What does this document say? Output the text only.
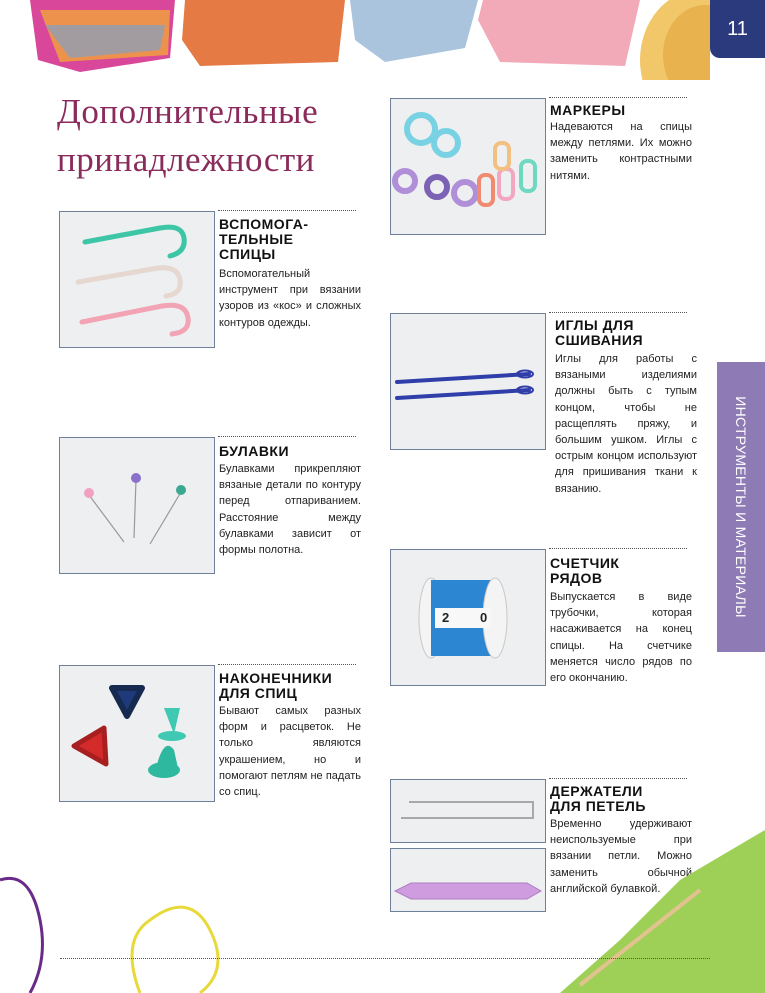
11
Дополнительные
принадлежности
ИНСТРУМЕНТЫ И МАТЕРИАЛЫ
ВСПОМОГА-
ТЕЛЬНЫЕ
СПИЦЫ
Вспомогательный инструмент при вязании узоров из «кос» и сложных контуров одежды.
БУЛАВКИ
Булавками прикрепляют вязаные детали по контуру перед отпариванием. Расстояние между булавками зависит от формы полотна.
НАКОНЕЧНИКИ
ДЛЯ СПИЦ
Бывают самых разных форм и расцветок. Не только являются украшением, но и помогают петлям не падать со спиц.
МАРКЕРЫ
Надеваются на спицы между петлями. Их можно заменить контрастными нитями.
ИГЛЫ ДЛЯ
СШИВАНИЯ
Иглы для работы с вязаными изделиями должны быть с тупым концом, чтобы не расщеплять пряжу, и большим ушком. Иглы с острым концом используют для пришивания ткани к вязанию.
2 0
СЧЕТЧИК
РЯДОВ
Выпускается в виде трубочки, которая насаживается на конец спицы. На счетчике меняется число рядов по его окончанию.
ДЕРЖАТЕЛИ
ДЛЯ ПЕТЕЛЬ
Временно удерживают неиспользуемые при вязании петли. Можно заменить обычной английской булавкой.
